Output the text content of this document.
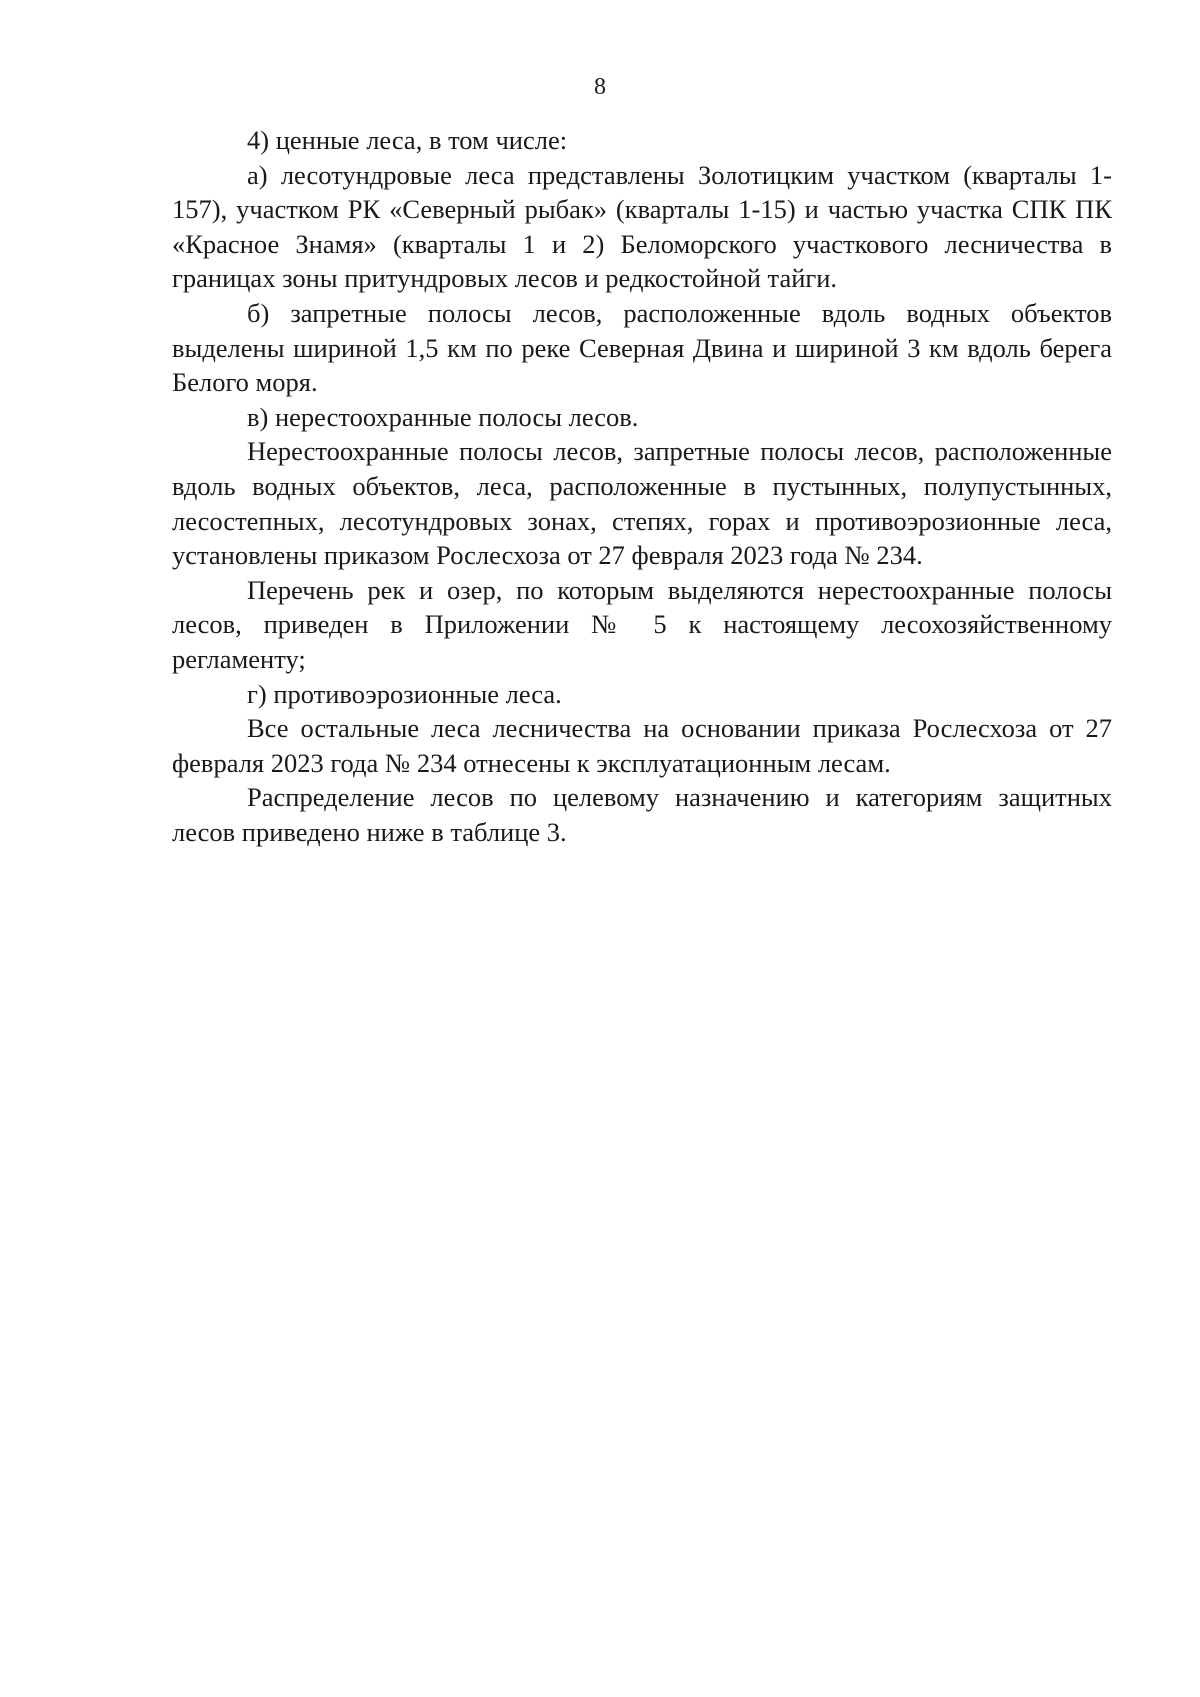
8

4) ценные леса, в том числе:

а) лесотундровые леса представлены Золотицким участком (кварталы 1-157), участком РК «Северный рыбак» (кварталы 1-15) и частью участка СПК ПК «Красное Знамя» (кварталы 1 и 2) Беломорского участкового лесничества в границах зоны притундровых лесов и редкостойной тайги.

б) запретные полосы лесов, расположенные вдоль водных объектов выделены шириной 1,5 км по реке Северная Двина и шириной 3 км вдоль берега Белого моря.

в) нерестоохранные полосы лесов.

Нерестоохранные полосы лесов, запретные полосы лесов, расположенные вдоль водных объектов, леса, расположенные в пустынных, полупустынных, лесостепных, лесотундровых зонах, степях, горах и противоэрозионные леса, установлены приказом Рослесхоза от 27 февраля 2023 года № 234.

Перечень рек и озер, по которым выделяются нерестоохранные полосы лесов, приведен в Приложении № 5 к настоящему лесохозяйственному регламенту;

г) противоэрозионные леса.

Все остальные леса лесничества на основании приказа Рослесхоза от 27 февраля 2023 года № 234 отнесены к эксплуатационным лесам.

Распределение лесов по целевому назначению и категориям защитных лесов приведено ниже в таблице 3.
